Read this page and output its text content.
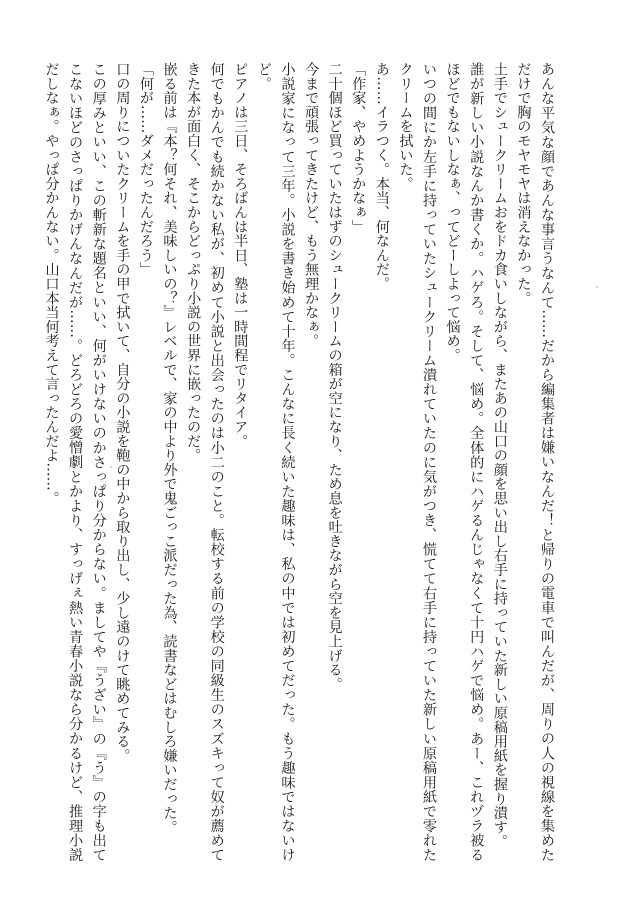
あんな平気な顔であんな事言うなんて……だから編集者は嫌いなんだ！と帰りの電車で叫んだが、周りの人の視線を集めただけで胸のモヤモヤは消えなかった。

土手でシュークリームおをドカ食いしながら、またあの山口の顔を思い出し右手に持っていた新しい原稿用紙を握り潰す。

誰が新しい小説なんか書くか。ハゲろ。そして、悩め。全体的にハゲるんじゃなくて十円ハゲで悩め。あー、これヅラ被るほどでもないしなぁ、ってどーしよって悩め。

いつの間にか左手に持っていたシュークリーム潰れていたのに気がつき、慌てて右手に持っていた新しい原稿用紙で零れたクリームを拭いた。

あ……イラつく。本当、何なんだ。

「作家、やめようかなぁ」

二十個ほど買っていたはずのシュークリームの箱が空になり、ため息を吐きながら空を見上げる。

今まで頑張ってきたけど、もう無理かなぁ。

小説家になって三年。小説を書き始めて十年。こんなに長く続いた趣味は、私の中では初めてだった。もう趣味ではないけど。

ピアノは三日、そろばんは半日、塾は一時間程でリタイア。

何でもかんでも続かない私が、初めて小説と出会ったのは小二のこと。転校する前の学校の同級生のスズキって奴が薦めてきた本が面白く、そこからどっぷり小説の世界に嵌ったのだ。

嵌る前は『本？何それ、美味しいの？』レベルで、家の中より外で鬼ごっこ派だった為、読書などはむしろ嫌いだった。

「何が……ダメだったんだろう」

口の周りについたクリームを手の甲で拭いて、自分の小説を鞄の中から取り出し、少し遠のけて眺めてみる。

この厚みといい、この斬新な題名といい、何がいけないのかさっぱり分からない。ましてや『うざい』の『う』の字も出てこないほどのさっぱりかげんなんだが……。どろどろの愛憎劇とかより、すっげぇ熱い青春小説なら分かるけど、推理小説だしなぁ。やっぱ分かんない。山口本当何考えて言ったんだよ……。
